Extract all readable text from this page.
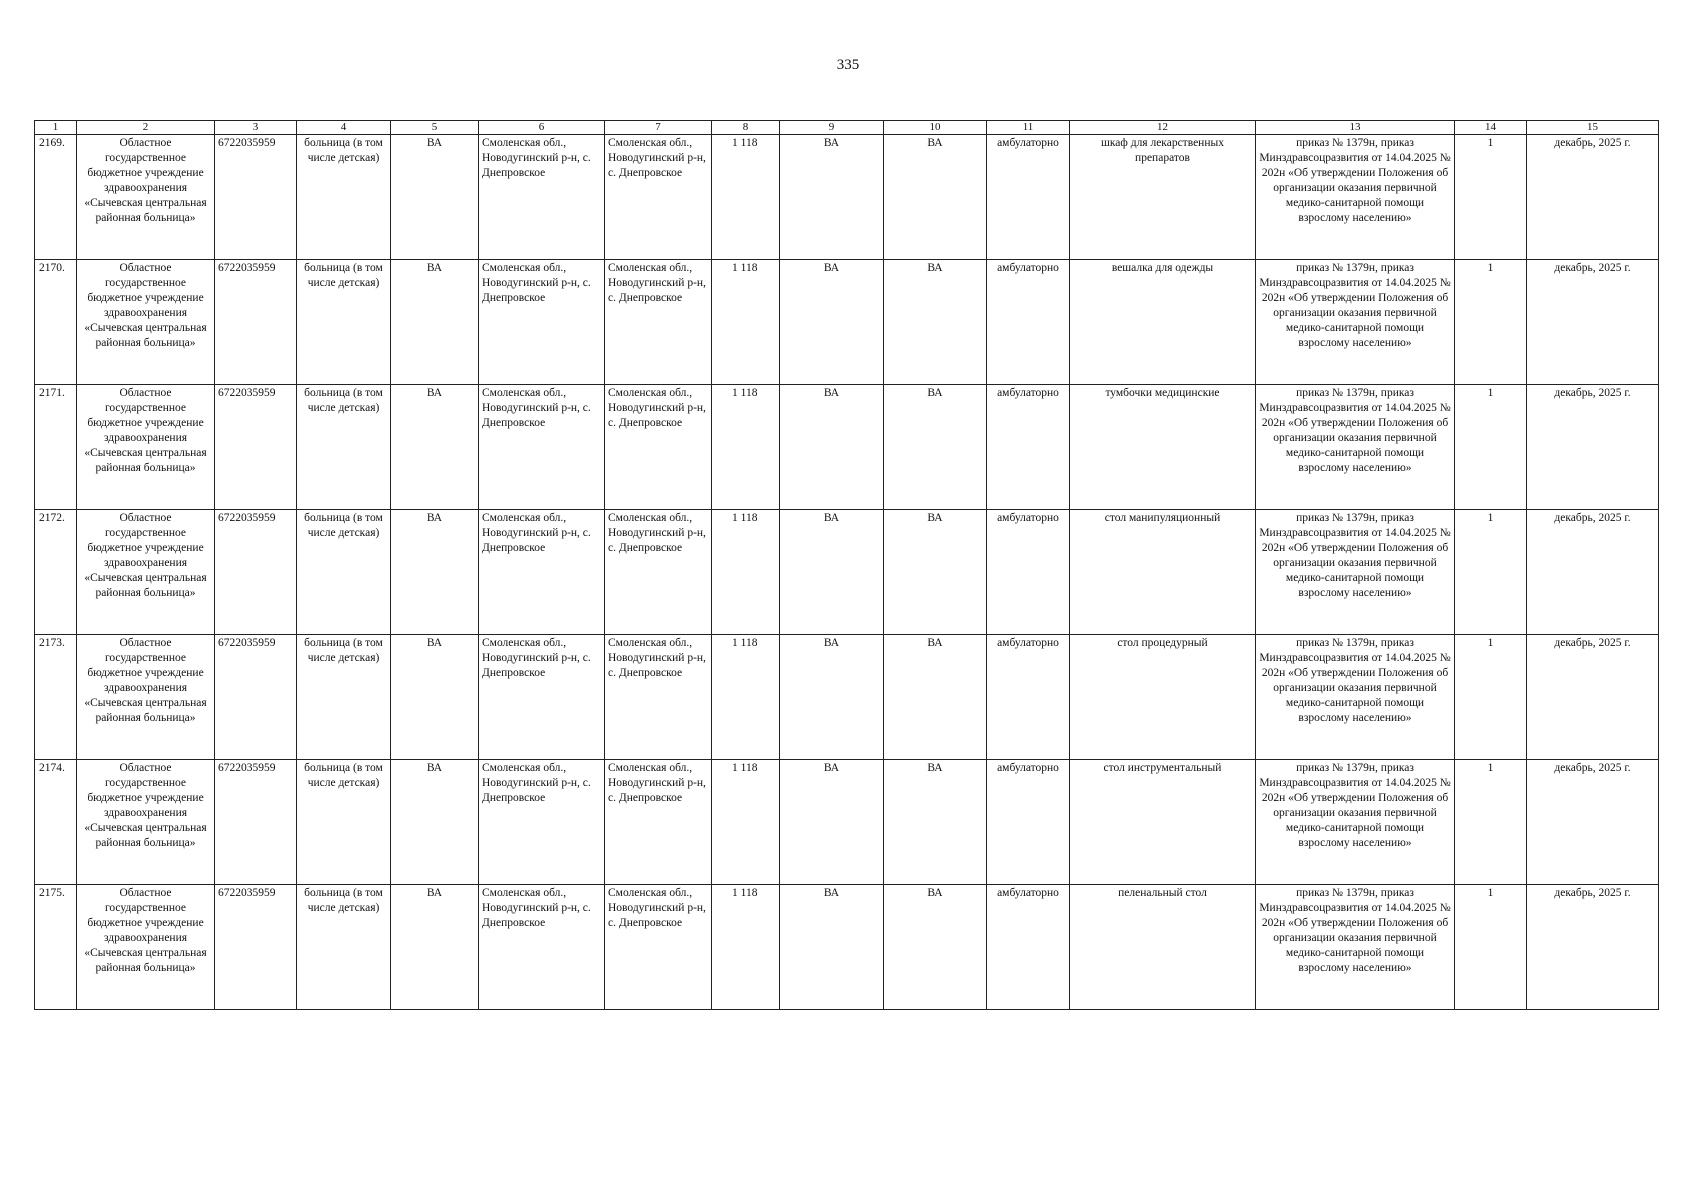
335
1	2	3	4	5	6	7	8	9	10	11	12	13	14	15
2169.	Областное государственное бюджетное учреждение здравоохранения «Сычевская центральная районная больница»	6722035959	больница (в том числе детская)	ВА	Смоленская обл., Новодугинский р-н, с. Днепровское	Смоленская обл., Новодугинский р-н, с. Днепровское	1 118	ВА	ВА	амбулаторно	шкаф для лекарственных препаратов	приказ № 1379н, приказ Минздравсоцразвития от 14.04.2025 № 202н «Об утверждении Положения об организации оказания первичной медико-санитарной помощи взрослому населению»	1	декабрь, 2025 г.
2170.	Областное государственное бюджетное учреждение здравоохранения «Сычевская центральная районная больница»	6722035959	больница (в том числе детская)	ВА	Смоленская обл., Новодугинский р-н, с. Днепровское	Смоленская обл., Новодугинский р-н, с. Днепровское	1 118	ВА	ВА	амбулаторно	вешалка для одежды	приказ № 1379н, приказ Минздравсоцразвития от 14.04.2025 № 202н «Об утверждении Положения об организации оказания первичной медико-санитарной помощи взрослому населению»	1	декабрь, 2025 г.
2171.	Областное государственное бюджетное учреждение здравоохранения «Сычевская центральная районная больница»	6722035959	больница (в том числе детская)	ВА	Смоленская обл., Новодугинский р-н, с. Днепровское	Смоленская обл., Новодугинский р-н, с. Днепровское	1 118	ВА	ВА	амбулаторно	тумбочки медицинские	приказ № 1379н, приказ Минздравсоцразвития от 14.04.2025 № 202н «Об утверждении Положения об организации оказания первичной медико-санитарной помощи взрослому населению»	1	декабрь, 2025 г.
2172.	Областное государственное бюджетное учреждение здравоохранения «Сычевская центральная районная больница»	6722035959	больница (в том числе детская)	ВА	Смоленская обл., Новодугинский р-н, с. Днепровское	Смоленская обл., Новодугинский р-н, с. Днепровское	1 118	ВА	ВА	амбулаторно	стол манипуляционный	приказ № 1379н, приказ Минздравсоцразвития от 14.04.2025 № 202н «Об утверждении Положения об организации оказания первичной медико-санитарной помощи взрослому населению»	1	декабрь, 2025 г.
2173.	Областное государственное бюджетное учреждение здравоохранения «Сычевская центральная районная больница»	6722035959	больница (в том числе детская)	ВА	Смоленская обл., Новодугинский р-н, с. Днепровское	Смоленская обл., Новодугинский р-н, с. Днепровское	1 118	ВА	ВА	амбулаторно	стол процедурный	приказ № 1379н, приказ Минздравсоцразвития от 14.04.2025 № 202н «Об утверждении Положения об организации оказания первичной медико-санитарной помощи взрослому населению»	1	декабрь, 2025 г.
2174.	Областное государственное бюджетное учреждение здравоохранения «Сычевская центральная районная больница»	6722035959	больница (в том числе детская)	ВА	Смоленская обл., Новодугинский р-н, с. Днепровское	Смоленская обл., Новодугинский р-н, с. Днепровское	1 118	ВА	ВА	амбулаторно	стол инструментальный	приказ № 1379н, приказ Минздравсоцразвития от 14.04.2025 № 202н «Об утверждении Положения об организации оказания первичной медико-санитарной помощи взрослому населению»	1	декабрь, 2025 г.
2175.	Областное государственное бюджетное учреждение здравоохранения «Сычевская центральная районная больница»	6722035959	больница (в том числе детская)	ВА	Смоленская обл., Новодугинский р-н, с. Днепровское	Смоленская обл., Новодугинский р-н, с. Днепровское	1 118	ВА	ВА	амбулаторно	пеленальный стол	приказ № 1379н, приказ Минздравсоцразвития от 14.04.2025 № 202н «Об утверждении Положения об организации оказания первичной медико-санитарной помощи взрослому населению»	1	декабрь, 2025 г.
